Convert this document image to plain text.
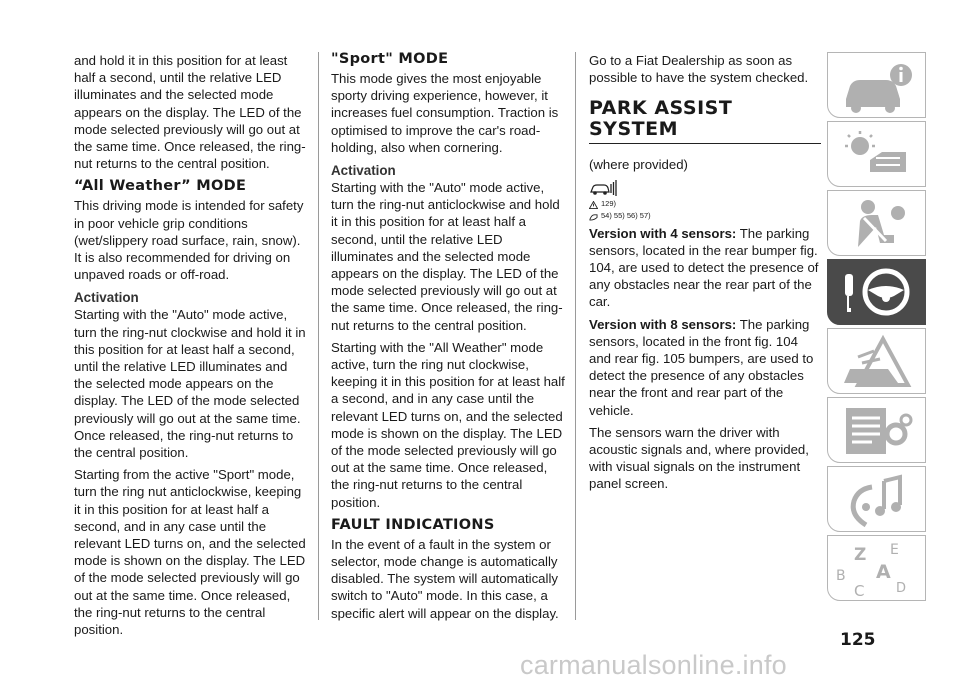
and hold it in this position for at least half a second, until the relative LED illuminates and the selected mode appears on the display. The LED of the mode selected previously will go out at the same time. Once released, the ring-nut returns to the central position.

“All Weather” MODE

This driving mode is intended for safety in poor vehicle grip conditions (wet/slippery road surface, rain, snow). It is also recommended for driving on unpaved roads or off-road.

Activation

Starting with the "Auto" mode active, turn the ring-nut clockwise and hold it in this position for at least half a second, until the relative LED illuminates and the selected mode appears on the display. The LED of the mode selected previously will go out at the same time. Once released, the ring-nut returns to the central position.

Starting from the active "Sport" mode, turn the ring nut anticlockwise, keeping it in this position for at least half a second, and in any case until the relevant LED turns on, and the selected mode is shown on the display. The LED of the mode selected previously will go out at the same time. Once released, the ring-nut returns to the central position.

"Sport" MODE

This mode gives the most enjoyable sporty driving experience, however, it increases fuel consumption. Traction is optimised to improve the car's road-holding, also when cornering.

Activation

Starting with the "Auto" mode active, turn the ring-nut anticlockwise and hold it in this position for at least half a second, until the relative LED illuminates and the selected mode appears on the display. The LED of the mode selected previously will go out at the same time. Once released, the ring-nut returns to the central position.

Starting with the "All Weather" mode active, turn the ring nut clockwise, keeping it in this position for at least half a second, and in any case until the relevant LED turns on, and the selected mode is shown on the display. The LED of the mode selected previously will go out at the same time. Once released, the ring-nut returns to the central position.

FAULT INDICATIONS

In the event of a fault in the system or selector, mode change is automatically disabled. The system will automatically switch to "Auto" mode. In this case, a specific alert will appear on the display.

Go to a Fiat Dealership as soon as possible to have the system checked.

PARK ASSIST SYSTEM

(where provided)

129)
54) 55) 56) 57)

Version with 4 sensors: The parking sensors, located in the rear bumper fig. 104, are used to detect the presence of any obstacles near the rear part of the car.

Version with 8 sensors: The parking sensors, located in the front fig. 104 and rear fig. 105 bumpers, are used to detect the presence of any obstacles near the front and rear part of the vehicle.

The sensors warn the driver with acoustic signals and, where provided, with visual signals on the instrument panel screen.

Z E
A
B
C D
125
carmanualsonline.info
